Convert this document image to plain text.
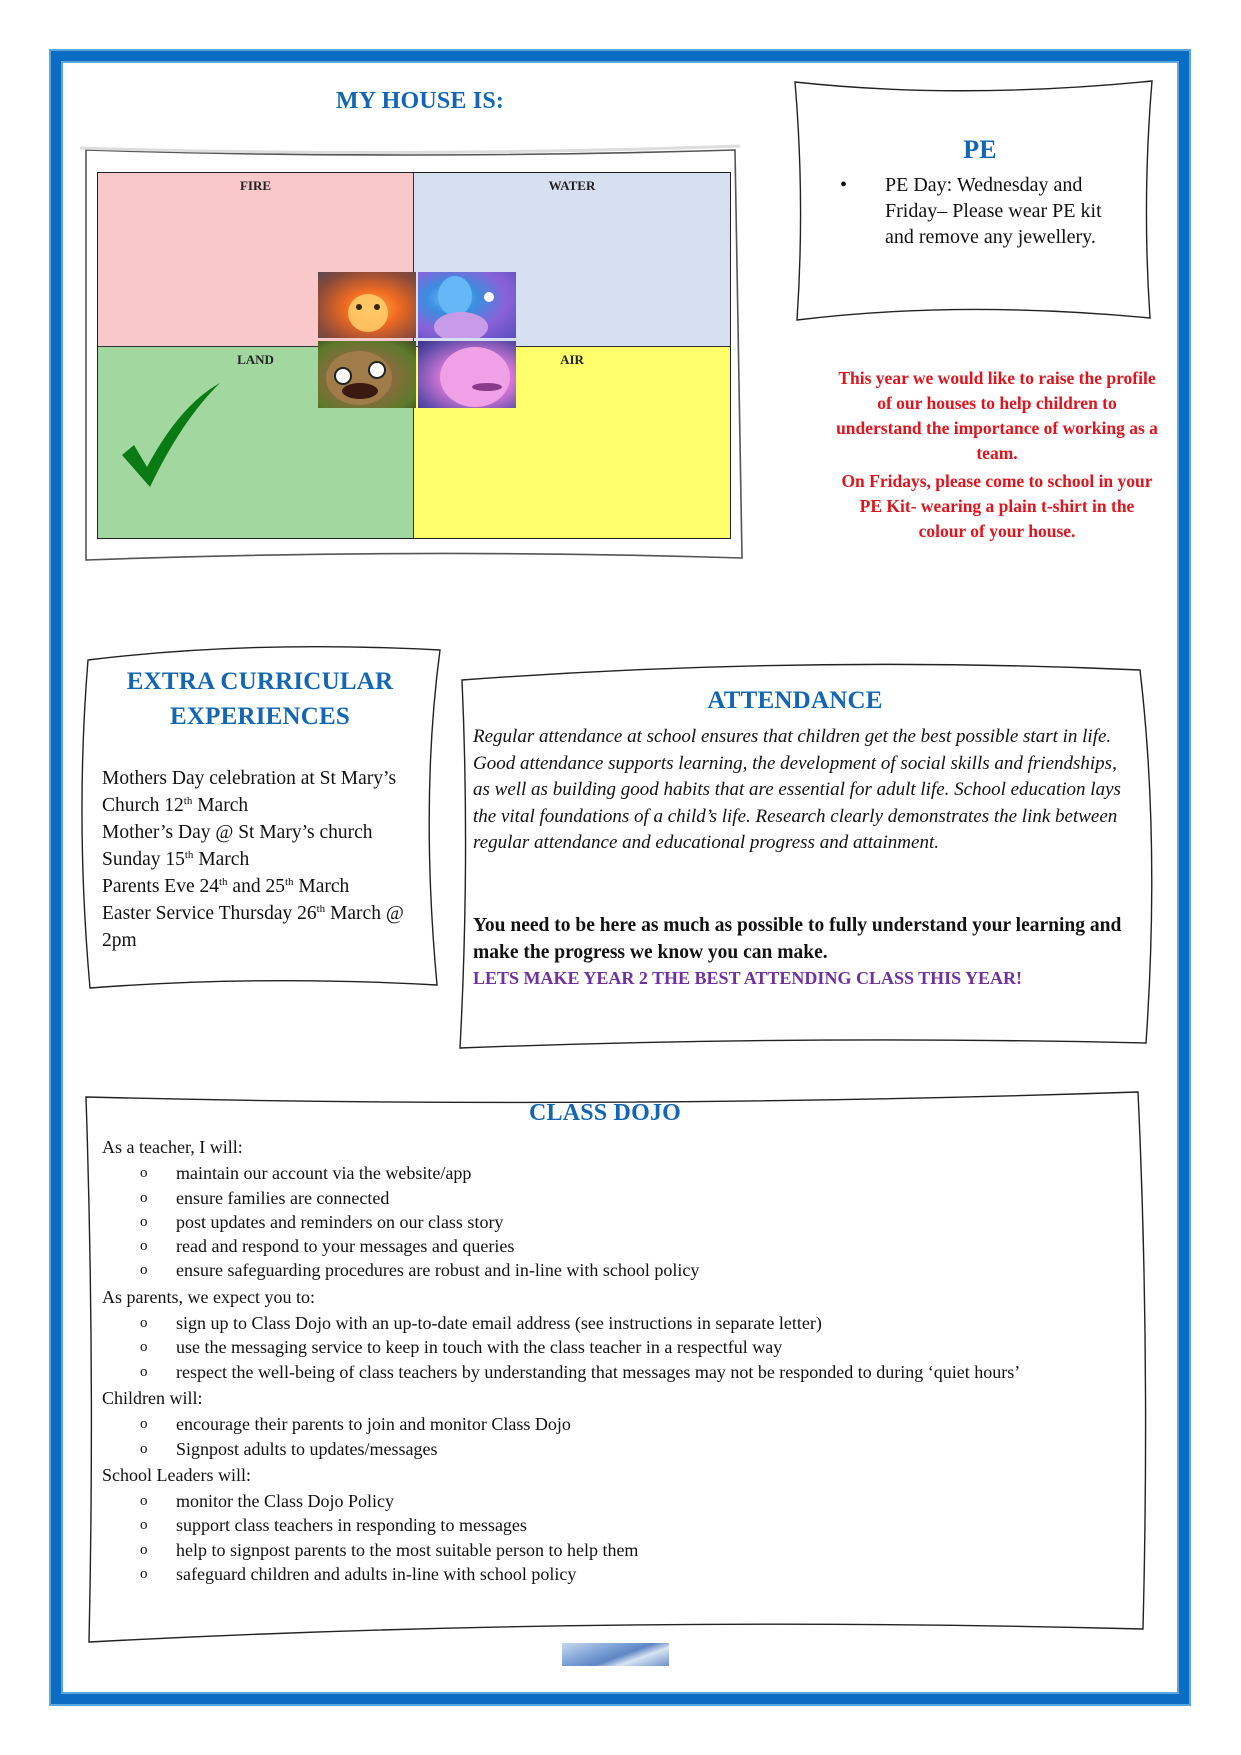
MY HOUSE IS:
FIRE	WATER
LAND	AIR
PE
• PE Day: Wednesday and Friday– Please wear PE kit and remove any jewellery.

This year we would like to raise the profile of our houses to help children to understand the importance of working as a team.

On Fridays, please come to school in your PE Kit- wearing a plain t-shirt in the colour of your house.

EXTRA CURRICULAR EXPERIENCES

Mothers Day celebration at St Mary’s Church 12th March

Mother’s Day @ St Mary’s church Sunday 15th March

Parents Eve 24th and 25th March

Easter Service Thursday 26th March @ 2pm

ATTENDANCE
Regular attendance at school ensures that children get the best possible start in life. Good attendance supports learning, the development of social skills and friendships, as well as building good habits that are essential for adult life. School education lays the vital foundations of a child’s life. Research clearly demonstrates the link between regular attendance and educational progress and attainment.
You need to be here as much as possible to fully understand your learning and make the progress we know you can make.
LETS MAKE YEAR 2 THE BEST ATTENDING CLASS THIS YEAR!
CLASS DOJO

As a teacher, I will:

o maintain our account via the website/app
o ensure families are connected
o post updates and reminders on our class story
o read and respond to your messages and queries
o ensure safeguarding procedures are robust and in-line with school policy

As parents, we expect you to:

o sign up to Class Dojo with an up-to-date email address (see instructions in separate letter)
o use the messaging service to keep in touch with the class teacher in a respectful way
o respect the well-being of class teachers by understanding that messages may not be responded to during ‘quiet hours’

Children will:

o encourage their parents to join and monitor Class Dojo
o Signpost adults to updates/messages

School Leaders will:

o monitor the Class Dojo Policy
o support class teachers in responding to messages
o help to signpost parents to the most suitable person to help them
o safeguard children and adults in-line with school policy
